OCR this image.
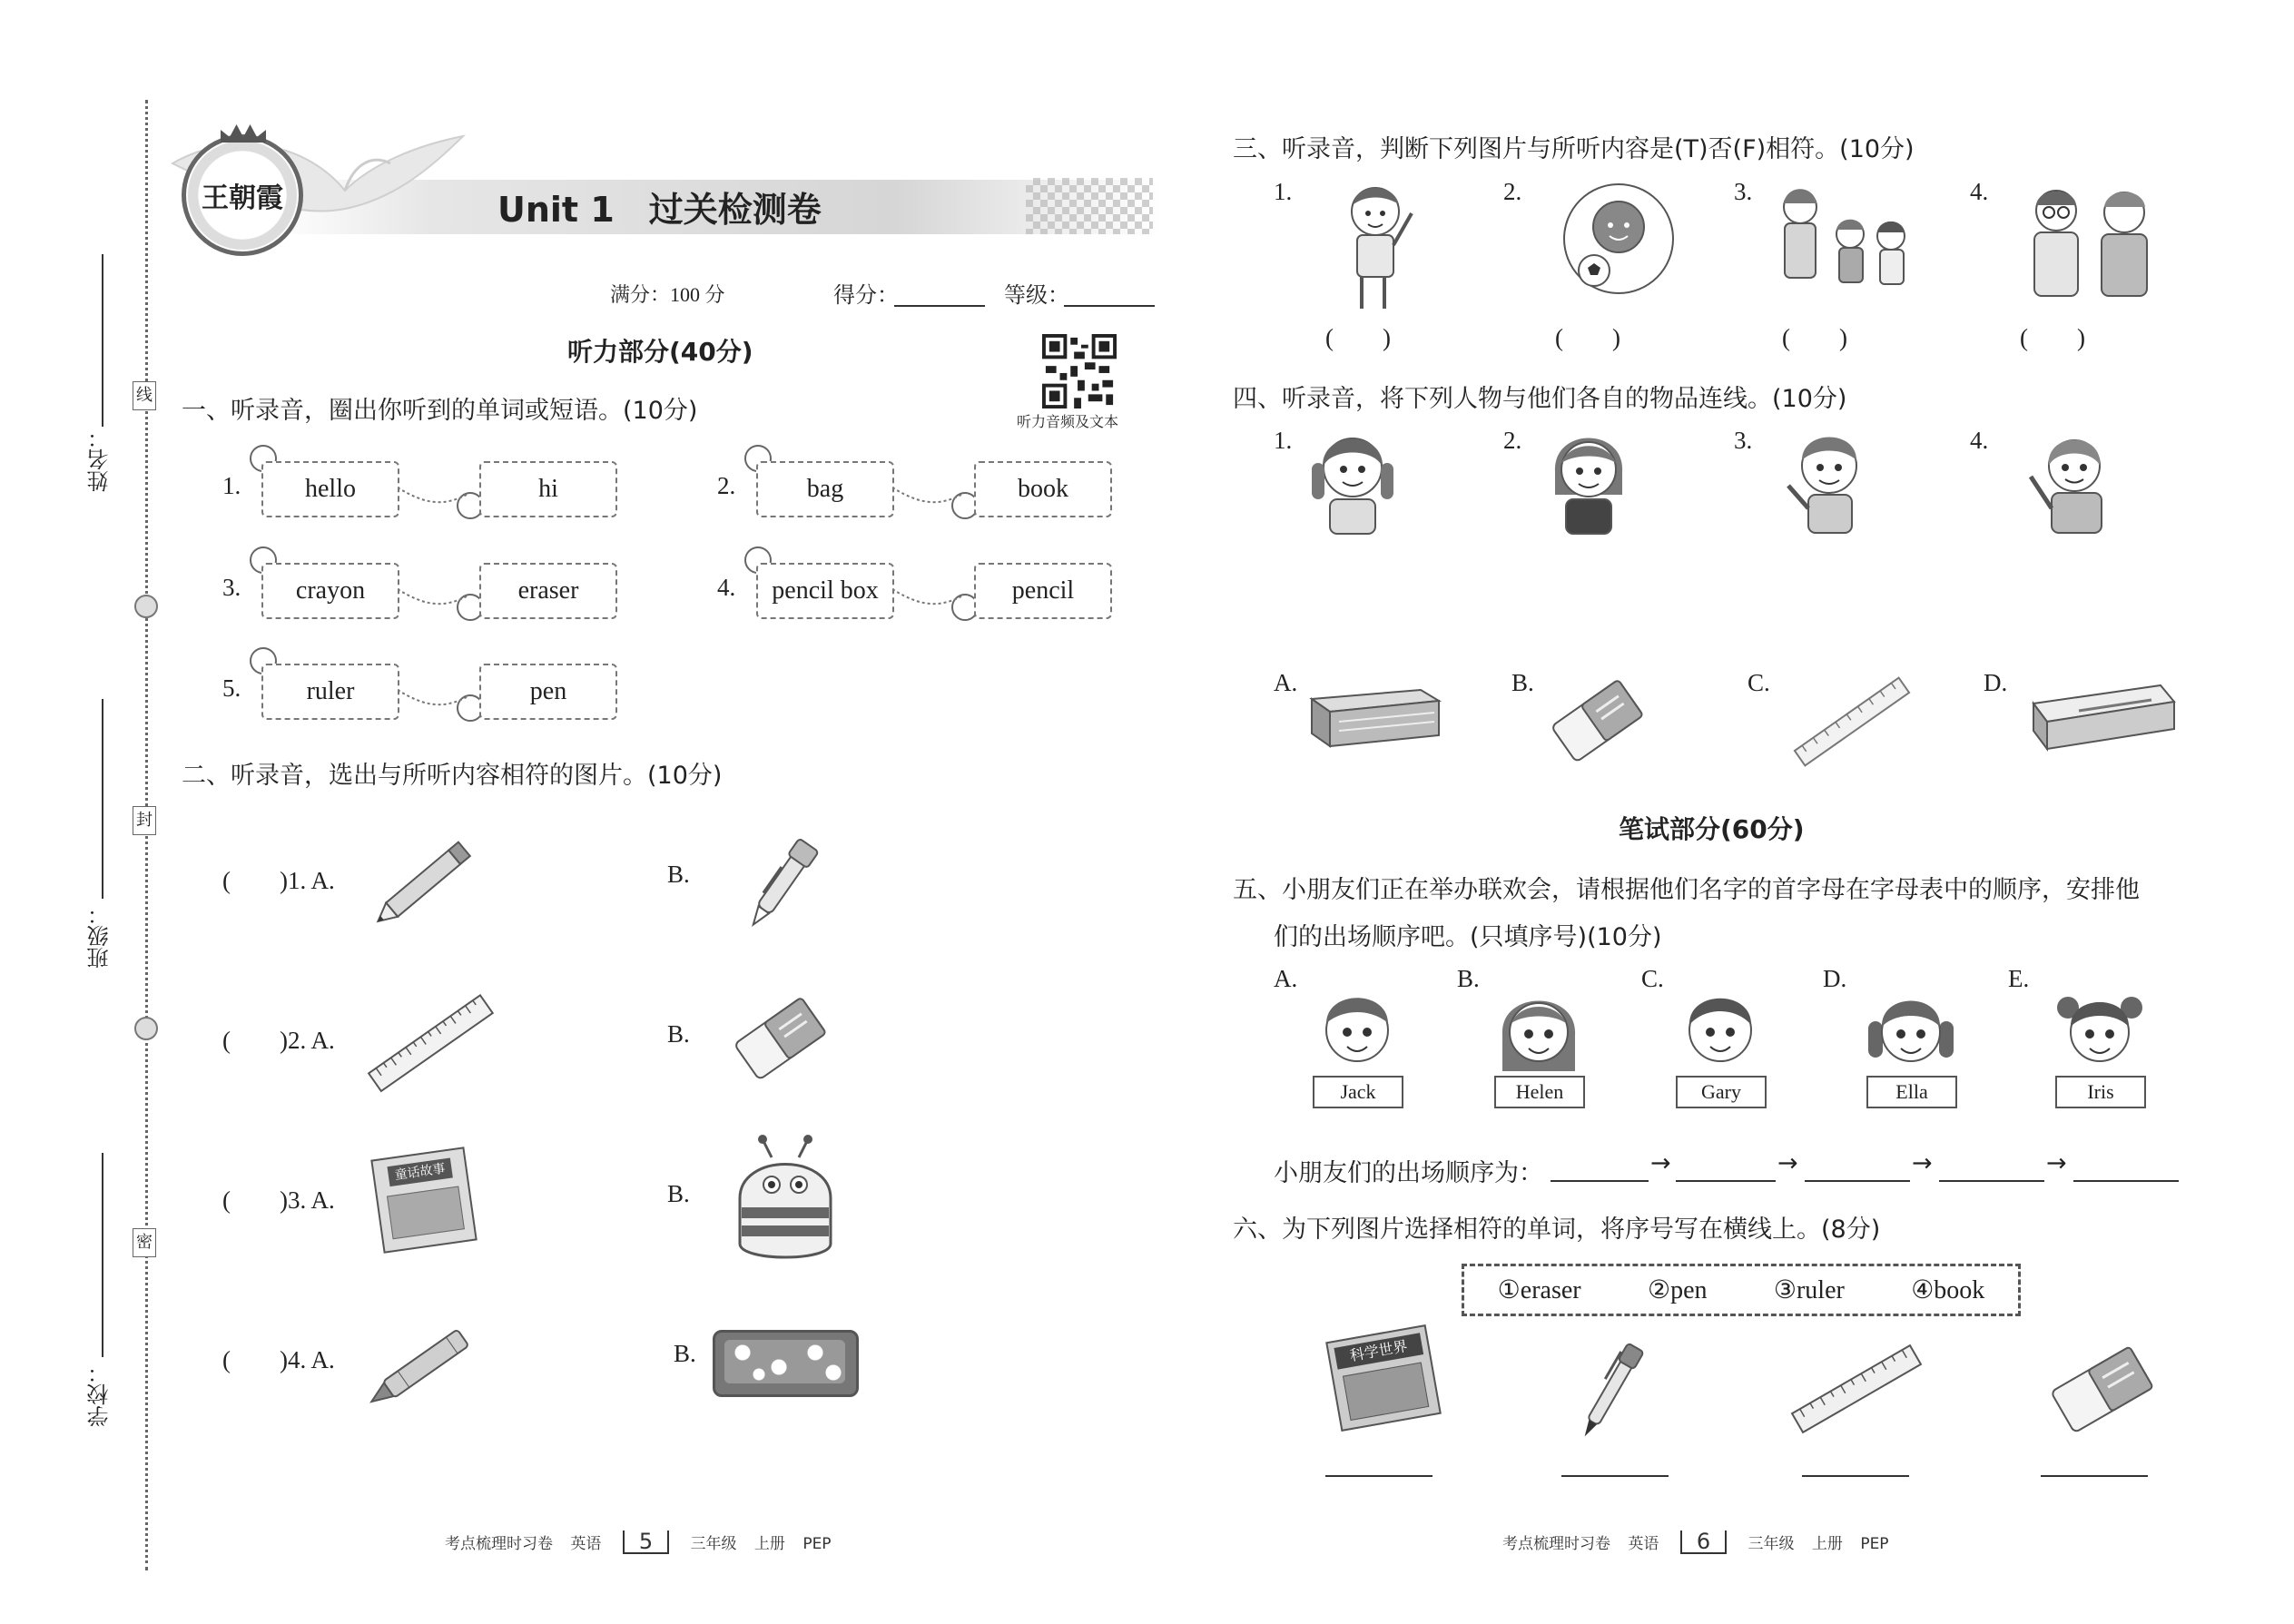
线
封
密
姓名：
班级：
学校：
王朝霞	Unit 1　过关检测卷
满分：100 分	得分：	等级：
听力音频及文本
听力部分(40分)
一、听录音，圈出你听到的单词或短语。(10分)
1.	hello	hi	2.	bag	book
3.	crayon	eraser	4.	pencil box	pencil
5.	ruler	pen
二、听录音，选出与所听内容相符的图片。(10分)
(　　)1. A.	B.
(　　)2. A.	B.
(　　)3. A.
童话故事
B.
(　　)4. A.	B.
考点梳理时习卷 英语 5 三年级 上册 PEP
三、听录音，判断下列图片与所听内容是(T)否(F)相符。(10分)
1.
(　　)
2.
(　　)
3.
(　　)
4.
(　　)
四、听录音，将下列人物与他们各自的物品连线。(10分)
1.	2.	3.	4.
A.	B.	C.	D.
笔试部分(60分)
五、小朋友们正在举办联欢会，请根据他们名字的首字母在字母表中的顺序，安排他
们的出场顺序吧。(只填序号)(10分)
A.
Jack
B.
Helen
C.
Gary
D.
Ella
E.
Iris
小朋友们的出场顺序为：	→	→	→	→
六、为下列图片选择相符的单词，将序号写在横线上。(8分)
①eraser	②pen	③ruler	④book
科学世界
考点梳理时习卷 英语 6 三年级 上册 PEP
